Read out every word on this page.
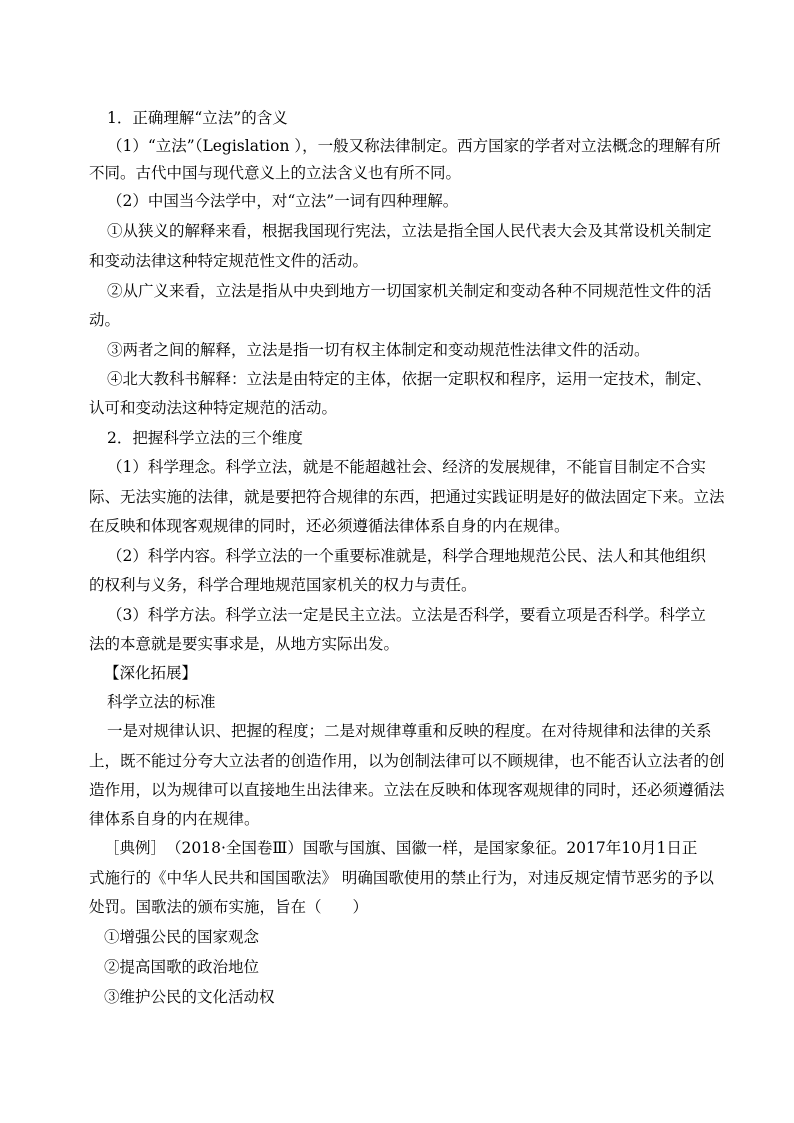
1．正确理解“立法”的含义
（1）“立法”（Legislation ），一般又称法律制定。西方国家的学者对立法概念的理解有所
不同。古代中国与现代意义上的立法含义也有所不同。
（2）中国当今法学中，对“立法”一词有四种理解。
①从狭义的解释来看，根据我国现行宪法，立法是指全国人民代表大会及其常设机关制定
和变动法律这种特定规范性文件的活动。
②从广义来看，立法是指从中央到地方一切国家机关制定和变动各种不同规范性文件的活
动。
③两者之间的解释，立法是指一切有权主体制定和变动规范性法律文件的活动。
④北大教科书解释：立法是由特定的主体，依据一定职权和程序，运用一定技术，制定、
认可和变动法这种特定规范的活动。
2．把握科学立法的三个维度
（1）科学理念。科学立法，就是不能超越社会、经济的发展规律，不能盲目制定不合实
际、无法实施的法律，就是要把符合规律的东西，把通过实践证明是好的做法固定下来。立法
在反映和体现客观规律的同时，还必须遵循法律体系自身的内在规律。
（2）科学内容。科学立法的一个重要标准就是，科学合理地规范公民、法人和其他组织
的权利与义务，科学合理地规范国家机关的权力与责任。
（3）科学方法。科学立法一定是民主立法。立法是否科学，要看立项是否科学。科学立
法的本意就是要实事求是，从地方实际出发。
【深化拓展】
科学立法的标准
一是对规律认识、把握的程度；二是对规律尊重和反映的程度。在对待规律和法律的关系
上，既不能过分夸大立法者的创造作用，以为创制法律可以不顾规律，也不能否认立法者的创
造作用，以为规律可以直接地生出法律来。立法在反映和体现客观规律的同时，还必须遵循法
律体系自身的内在规律。
［典例］　（2018·全国卷Ⅲ）国歌与国旗、国徽一样，是国家象征。2017年10月1日正
式施行的《中华人民共和国国歌法》 明确国歌使用的禁止行为，对违反规定情节恶劣的予以
处罚。国歌法的颁布实施，旨在（　　）
①增强公民的国家观念
②提高国歌的政治地位
③维护公民的文化活动权
